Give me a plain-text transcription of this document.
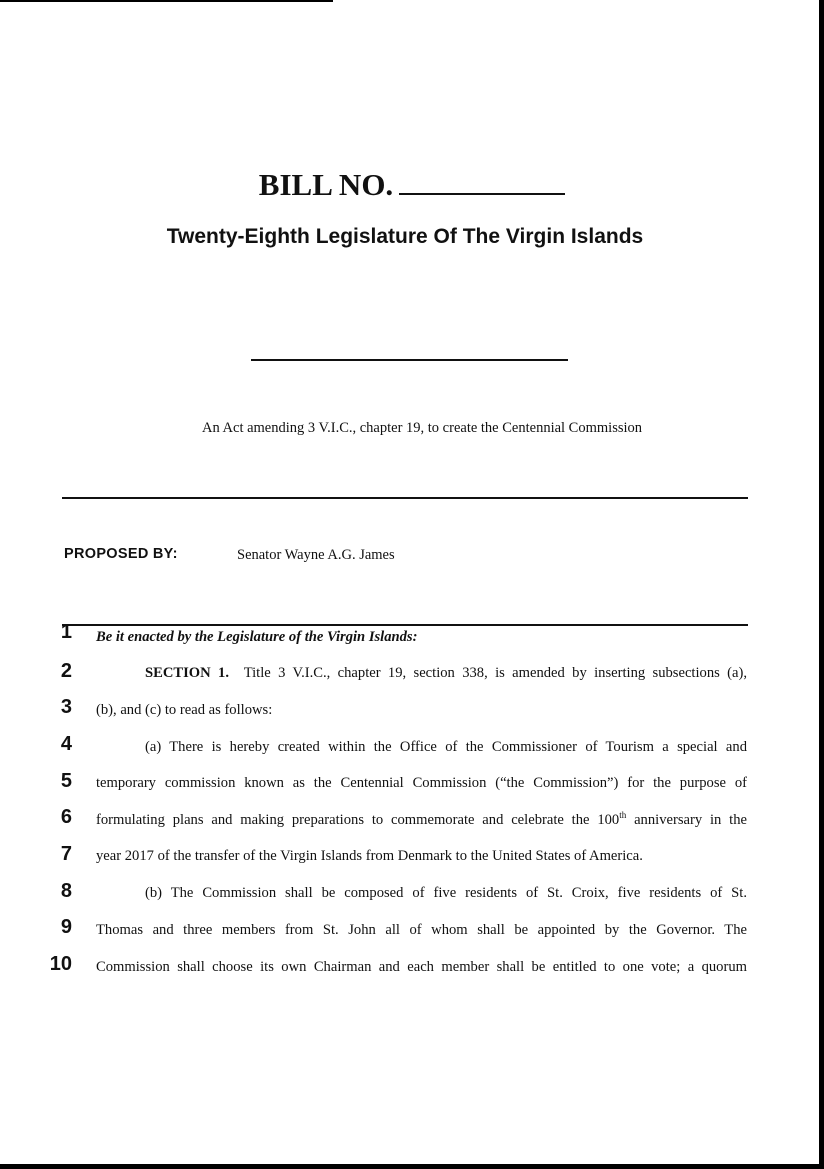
BILL NO.
Twenty-Eighth Legislature Of The Virgin Islands
An Act amending 3 V.I.C., chapter 19, to create the Centennial Commission
PROPOSED BY:	Senator Wayne A.G. James
1 Be it enacted by the Legislature of the Virgin Islands:
2	SECTION 1. Title 3 V.I.C., chapter 19, section 338, is amended by inserting subsections (a),
3 (b), and (c) to read as follows:
4	(a) There is hereby created within the Office of the Commissioner of Tourism a special and
5 temporary commission known as the Centennial Commission (“the Commission”) for the purpose of
6 formulating plans and making preparations to commemorate and celebrate the 100th anniversary in the
7 year 2017 of the transfer of the Virgin Islands from Denmark to the United States of America.
8	(b) The Commission shall be composed of five residents of St. Croix, five residents of St.
9 Thomas and three members from St. John all of whom shall be appointed by the Governor. The
10 Commission shall choose its own Chairman and each member shall be entitled to one vote; a quorum
